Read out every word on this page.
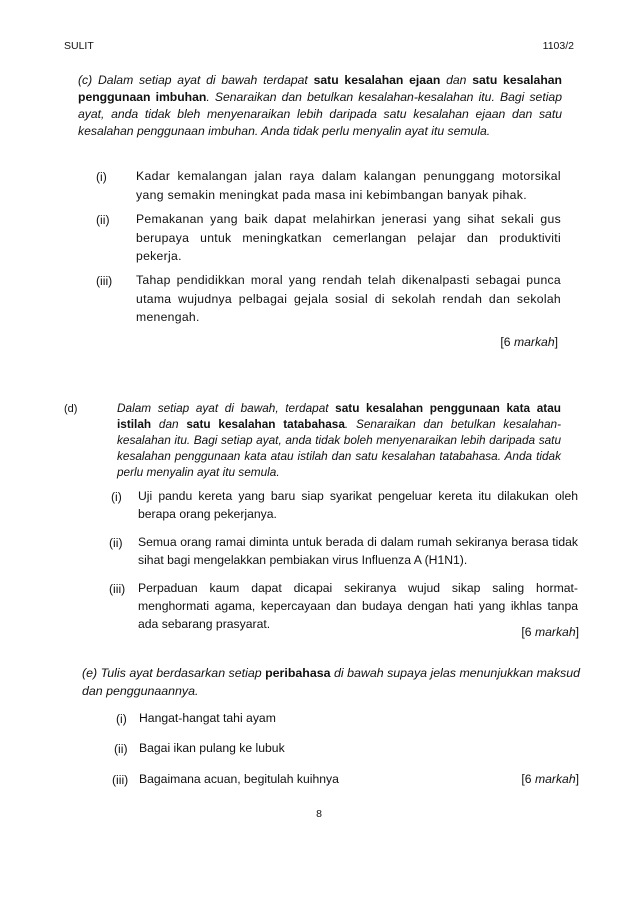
SULIT	1103/2

(c) Dalam setiap ayat di bawah terdapat satu kesalahan ejaan dan satu kesalahan penggunaan imbuhan. Senaraikan dan betulkan kesalahan-kesalahan itu. Bagi setiap ayat, anda tidak bleh menyenaraikan lebih daripada satu kesalahan ejaan dan satu kesalahan penggunaan imbuhan. Anda tidak perlu menyalin ayat itu semula.

(i) Kadar kemalangan jalan raya dalam kalangan penunggang motorsikal yang semakin meningkat pada masa ini kebimbangan banyak pihak.
(ii) Pemakanan yang baik dapat melahirkan jenerasi yang sihat sekali gus berupaya untuk meningkatkan cemerlangan pelajar dan produktiviti pekerja.
(iii) Tahap pendidikkan moral yang rendah telah dikenalpasti sebagai punca utama wujudnya pelbagai gejala sosial di sekolah rendah dan sekolah menengah.
[6 markah]
(d)	Dalam setiap ayat di bawah, terdapat satu kesalahan penggunaan kata atau istilah dan satu kesalahan tatabahasa. Senaraikan dan betulkan kesalahan-kesalahan itu. Bagi setiap ayat, anda tidak boleh menyenaraikan lebih daripada satu kesalahan penggunaan kata atau istilah dan satu kesalahan tatabahasa. Anda tidak perlu menyalin ayat itu semula.
(i) Uji pandu kereta yang baru siap syarikat pengeluar kereta itu dilakukan oleh berapa orang pekerjanya.
(ii) Semua orang ramai diminta untuk berada di dalam rumah sekiranya berasa tidak sihat bagi mengelakkan pembiakan virus Influenza A (H1N1).
(iii) Perpaduan kaum dapat dicapai sekiranya wujud sikap saling hormat-menghormati agama, kepercayaan dan budaya dengan hati yang ikhlas tanpa ada sebarang prasyarat.
[6 markah]
(e) Tulis ayat berdasarkan setiap peribahasa di bawah supaya jelas menunjukkan maksud dan penggunaannya.
(i) Hangat-hangat tahi ayam
(ii) Bagai ikan pulang ke lubuk
(iii) Bagaimana acuan, begitulah kuihnya	[6 markah]
8
